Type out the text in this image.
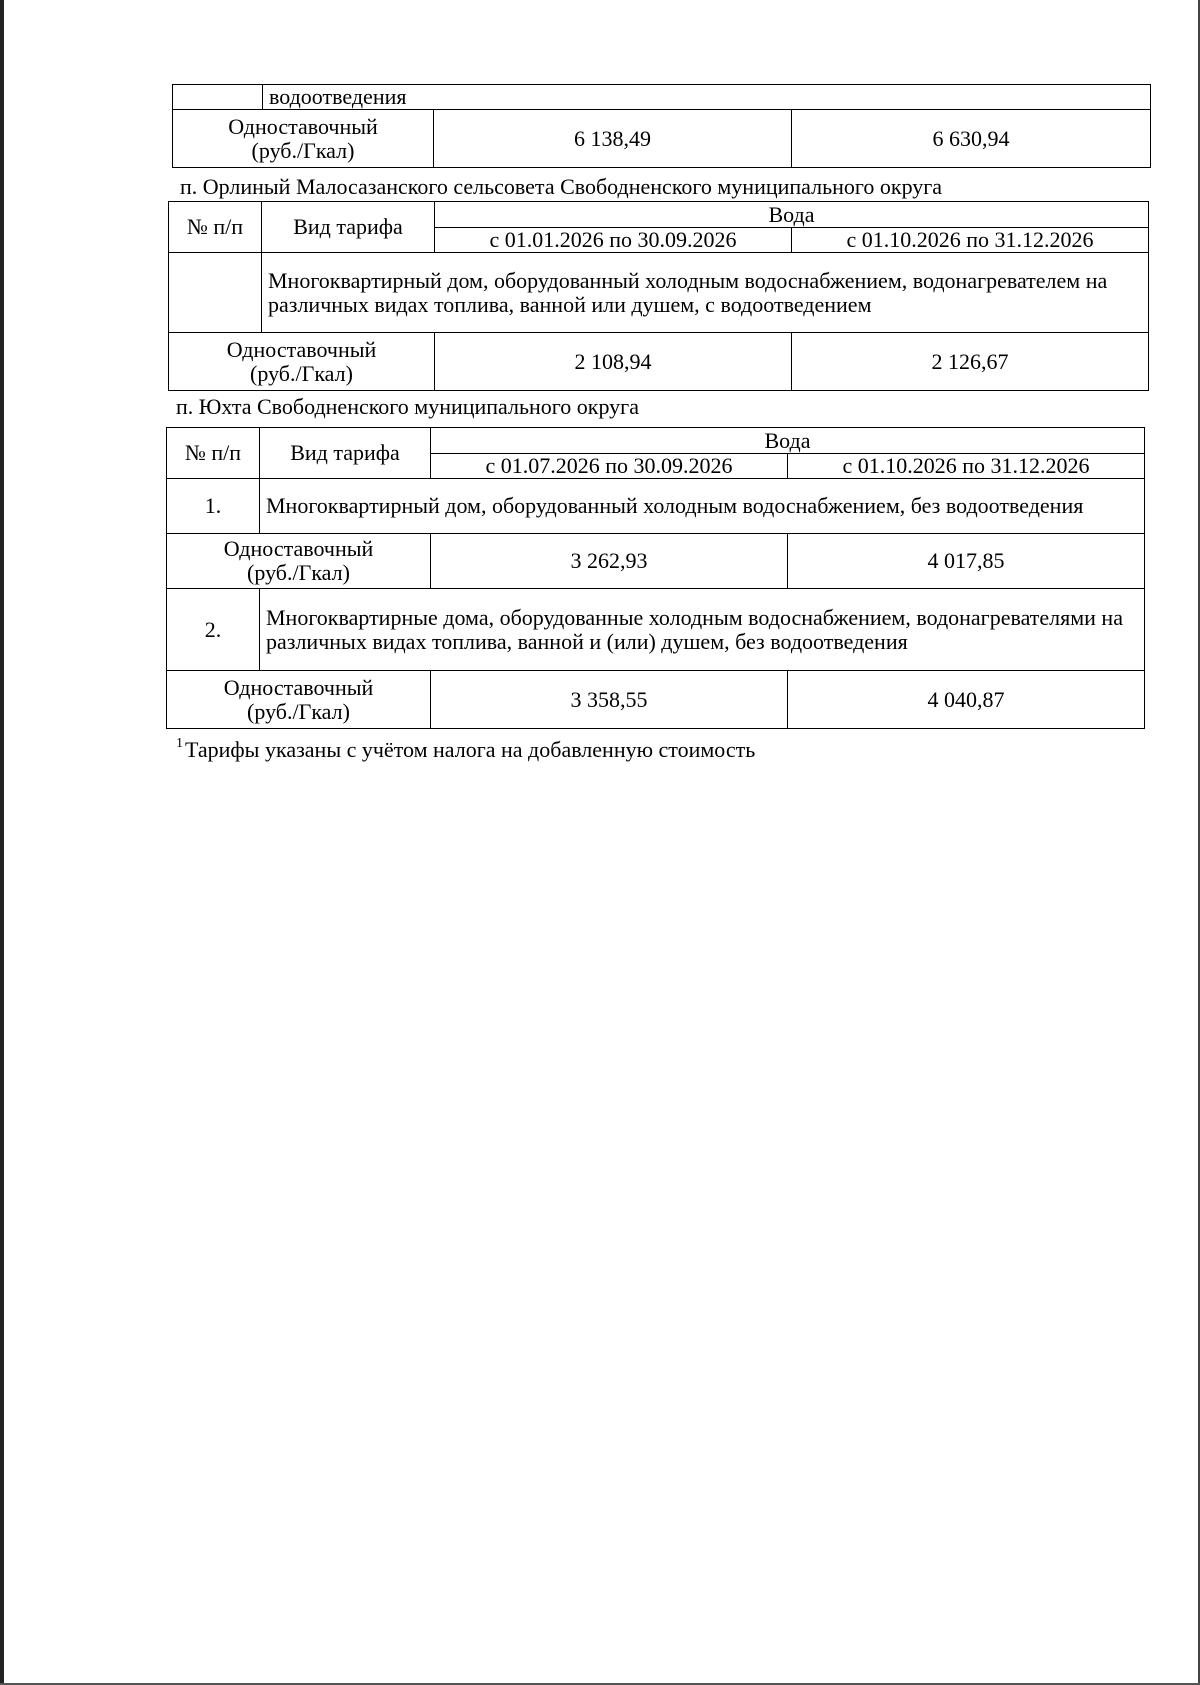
	водоотведения		

Одноставочный
(руб./Гкал)		6 138,49	6 630,94
п. Орлиный Малосазанского сельсовета Свободненского муниципального округа
№ п/п	Вид тарифа	Вода	
		с 01.01.2026 по 30.09.2026	с 01.10.2026 по 31.12.2026
	Многоквартирный дом, оборудованный холодным водоснабжением, водонагревателем на различных видах топлива, ванной или душем, с водоотведением		

Одноставочный
(руб./Гкал)		2 108,94	2 126,67
п. Юхта Свободненского муниципального округа
№ п/п	Вид тарифа	Вода	
		с 01.07.2026 по 30.09.2026	с 01.10.2026 по 31.12.2026
1.	Многоквартирный дом, оборудованный холодным водоснабжением, без водоотведения		

Одноставочный
(руб./Гкал)		3 262,93	4 017,85
2.	Многоквартирные дома, оборудованные холодным водоснабжением, водонагревателями на различных видах топлива, ванной и (или) душем, без водоотведения		

Одноставочный
(руб./Гкал)		3 358,55	4 040,87
$^1$Тарифы указаны с учётом налога на добавленную стоимость
